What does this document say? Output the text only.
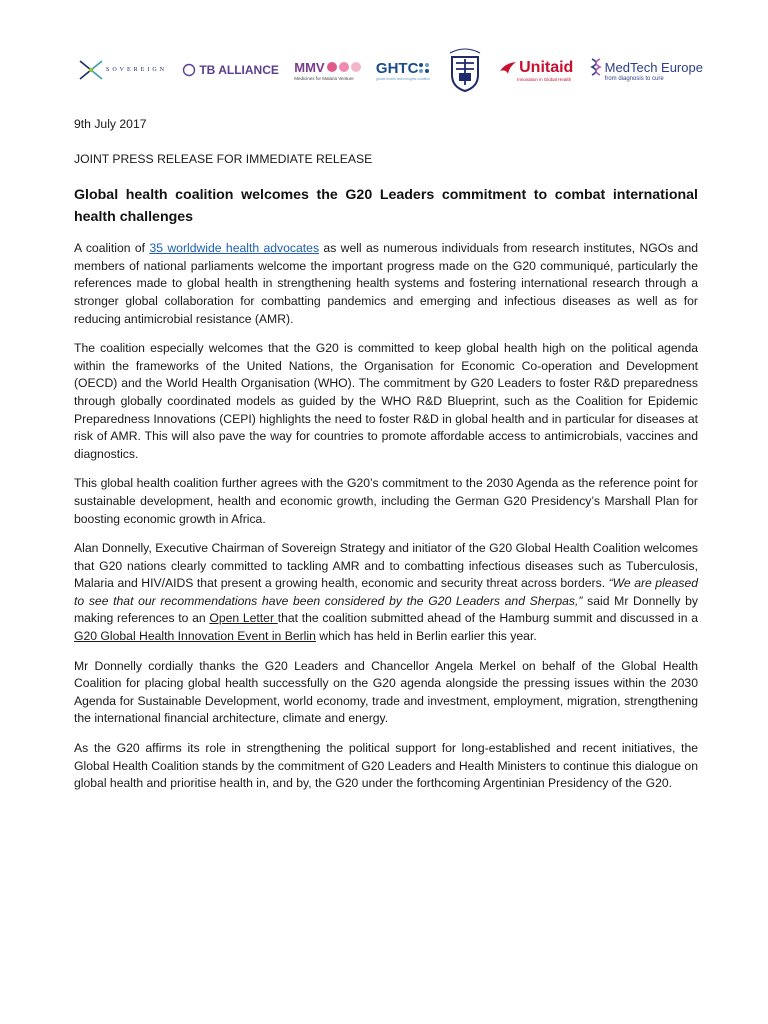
SOVEREIGN	TB ALLIANCE MMV
Medicines for Malaria Venture
GHTC
global health technologies coalition
Unitaid
Innovation in Global Health
MedTech Europe
from diagnosis to cure

9th July 2017

JOINT PRESS RELEASE FOR IMMEDIATE RELEASE

Global health coalition welcomes the G20 Leaders commitment to combat international health challenges

A coalition of 35 worldwide health advocates as well as numerous individuals from research institutes, NGOs and members of national parliaments welcome the important progress made on the G20 communiqué, particularly the references made to global health in strengthening health systems and fostering international research through a stronger global collaboration for combatting pandemics and emerging and infectious diseases as well as for reducing antimicrobial resistance (AMR).

The coalition especially welcomes that the G20 is committed to keep global health high on the political agenda within the frameworks of the United Nations, the Organisation for Economic Co-operation and Development (OECD) and the World Health Organisation (WHO). The commitment by G20 Leaders to foster R&D preparedness through globally coordinated models as guided by the WHO R&D Blueprint, such as the Coalition for Epidemic Preparedness Innovations (CEPI) highlights the need to foster R&D in global health and in particular for diseases at risk of AMR. This will also pave the way for countries to promote affordable access to antimicrobials, vaccines and diagnostics.

This global health coalition further agrees with the G20’s commitment to the 2030 Agenda as the reference point for sustainable development, health and economic growth, including the German G20 Presidency’s Marshall Plan for boosting economic growth in Africa.

Alan Donnelly, Executive Chairman of Sovereign Strategy and initiator of the G20 Global Health Coalition welcomes that G20 nations clearly committed to tackling AMR and to combatting infectious diseases such as Tuberculosis, Malaria and HIV/AIDS that present a growing health, economic and security threat across borders. “We are pleased to see that our recommendations have been considered by the G20 Leaders and Sherpas,” said Mr Donnelly by making references to an Open Letter that the coalition submitted ahead of the Hamburg summit and discussed in a G20 Global Health Innovation Event in Berlin which has held in Berlin earlier this year.

Mr Donnelly cordially thanks the G20 Leaders and Chancellor Angela Merkel on behalf of the Global Health Coalition for placing global health successfully on the G20 agenda alongside the pressing issues within the 2030 Agenda for Sustainable Development, world economy, trade and investment, employment, migration, strengthening the international financial architecture, climate and energy.

As the G20 affirms its role in strengthening the political support for long-established and recent initiatives, the Global Health Coalition stands by the commitment of G20 Leaders and Health Ministers to continue this dialogue on global health and prioritise health in, and by, the G20 under the forthcoming Argentinian Presidency of the G20.
